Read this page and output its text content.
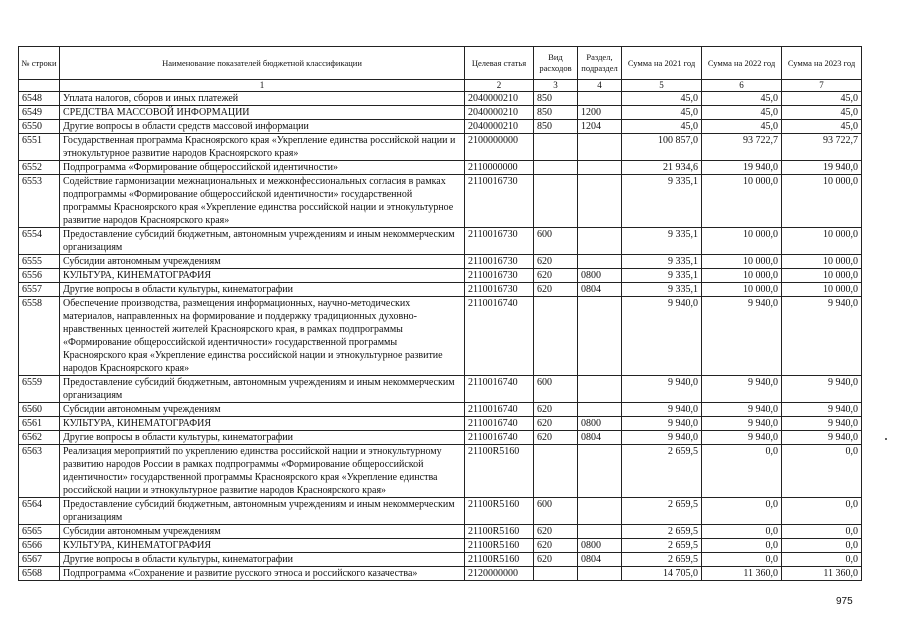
№ строки	Наименование показателей бюджетной классификации	Целевая статья	Вид расходов	Раздел, подраздел	Сумма на 2021 год	Сумма на 2022 год	Сумма на 2023 год
	1	2	3	4	5	6	7
6548	Уплата налогов, сборов и иных платежей	2040000210	850		45,0	45,0	45,0
6549	СРЕДСТВА МАССОВОЙ ИНФОРМАЦИИ	2040000210	850	1200	45,0	45,0	45,0
6550	Другие вопросы в области средств массовой информации	2040000210	850	1204	45,0	45,0	45,0
6551	Государственная программа Красноярского края «Укрепление единства российской нации и этнокультурное развитие народов Красноярского края»	2100000000			100 857,0	93 722,7	93 722,7
6552	Подпрограмма «Формирование общероссийской идентичности»	2110000000			21 934,6	19 940,0	19 940,0
6553	Содействие гармонизации межнациональных и межконфессиональных согласия в рамках подпрограммы «Формирование общероссийской идентичности» государственной программы Красноярского края «Укрепление единства российской нации и этнокультурное развитие народов Красноярского края»	2110016730			9 335,1	10 000,0	10 000,0
6554	Предоставление субсидий бюджетным, автономным учреждениям и иным некоммерческим организациям	2110016730	600		9 335,1	10 000,0	10 000,0
6555	Субсидии автономным учреждениям	2110016730	620		9 335,1	10 000,0	10 000,0
6556	КУЛЬТУРА, КИНЕМАТОГРАФИЯ	2110016730	620	0800	9 335,1	10 000,0	10 000,0
6557	Другие вопросы в области культуры, кинематографии	2110016730	620	0804	9 335,1	10 000,0	10 000,0
6558	Обеспечение производства, размещения информационных, научно-методических материалов, направленных на формирование и поддержку традиционных духовно-нравственных ценностей жителей Красноярского края, в рамках подпрограммы «Формирование общероссийской идентичности» государственной программы Красноярского края «Укрепление единства российской нации и этнокультурное развитие народов Красноярского края»	2110016740			9 940,0	9 940,0	9 940,0
6559	Предоставление субсидий бюджетным, автономным учреждениям и иным некоммерческим организациям	2110016740	600		9 940,0	9 940,0	9 940,0
6560	Субсидии автономным учреждениям	2110016740	620		9 940,0	9 940,0	9 940,0
6561	КУЛЬТУРА, КИНЕМАТОГРАФИЯ	2110016740	620	0800	9 940,0	9 940,0	9 940,0
6562	Другие вопросы в области культуры, кинематографии	2110016740	620	0804	9 940,0	9 940,0	9 940,0
6563	Реализация мероприятий по укреплению единства российской нации и этнокультурному развитию народов России в рамках подпрограммы «Формирование общероссийской идентичности» государственной программы Красноярского края «Укрепление единства российской нации и этнокультурное развитие народов Красноярского края»	21100R5160			2 659,5	0,0	0,0
6564	Предоставление субсидий бюджетным, автономным учреждениям и иным некоммерческим организациям	21100R5160	600		2 659,5	0,0	0,0
6565	Субсидии автономным учреждениям	21100R5160	620		2 659,5	0,0	0,0
6566	КУЛЬТУРА, КИНЕМАТОГРАФИЯ	21100R5160	620	0800	2 659,5	0,0	0,0
6567	Другие вопросы в области культуры, кинематографии	21100R5160	620	0804	2 659,5	0,0	0,0
6568	Подпрограмма «Сохранение и развитие русского этноса и российского казачества»	2120000000			14 705,0	11 360,0	11 360,0
975
